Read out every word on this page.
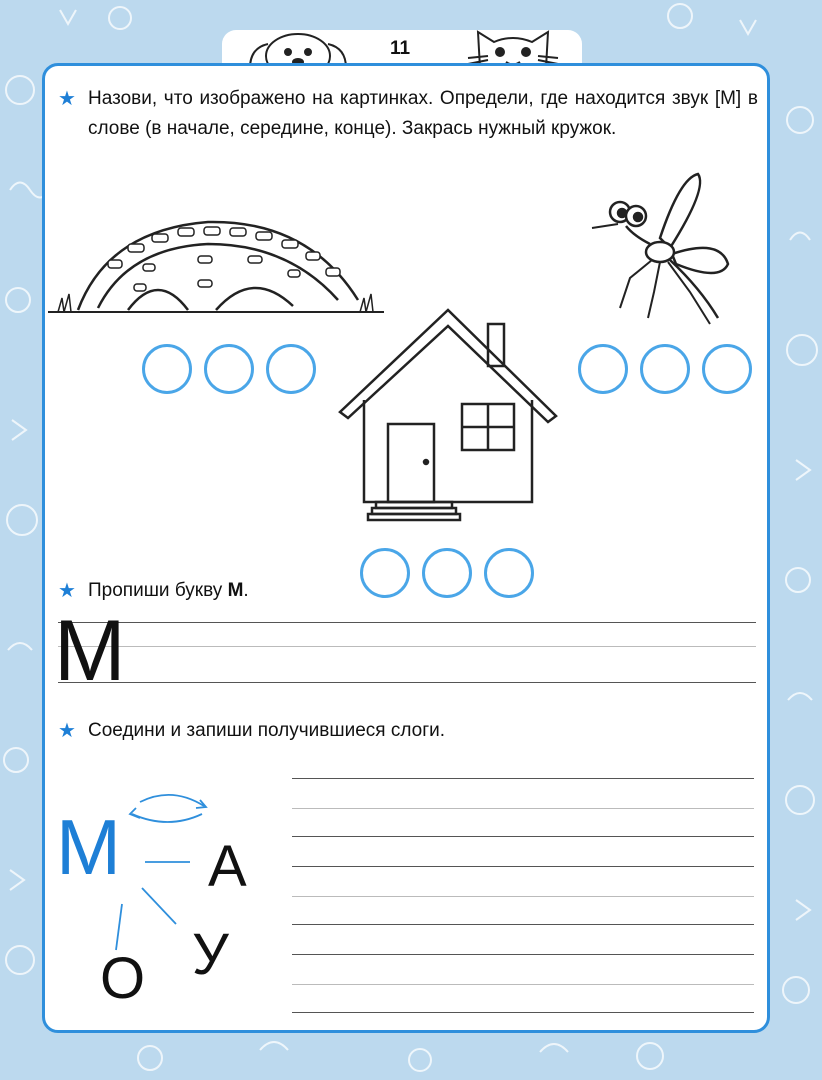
11
★ Назови, что изображено на картинках. Определи, где находится звук [М] в слове (в начале, середине, конце). Закрась нужный кружок.
★ Пропиши букву М.
М
★ Соедини и запиши получившиеся слоги.
М А
У
О
